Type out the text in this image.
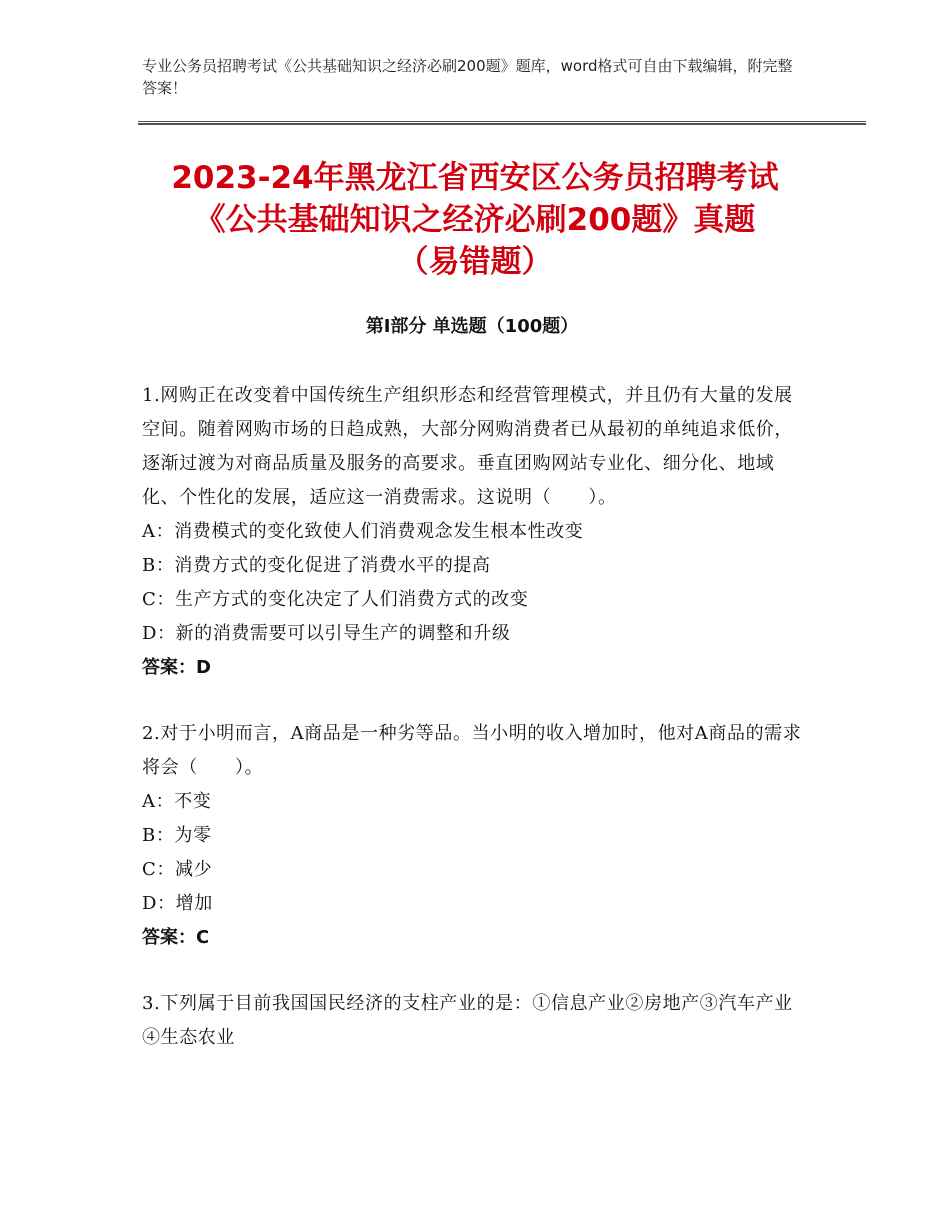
专业公务员招聘考试《公共基础知识之经济必刷200题》题库，word格式可自由下载编辑，附完整答案！
2023-24年黑龙江省西安区公务员招聘考试
《公共基础知识之经济必刷200题》真题
（易错题）
第Ⅰ部分 单选题（100题）

1.网购正在改变着中国传统生产组织形态和经营管理模式，并且仍有大量的发展空间。随着网购市场的日趋成熟，大部分网购消费者已从最初的单纯追求低价，逐渐过渡为对商品质量及服务的高要求。垂直团购网站专业化、细分化、地域化、个性化的发展，适应这一消费需求。这说明（　　）。

A：消费模式的变化致使人们消费观念发生根本性改变

B：消费方式的变化促进了消费水平的提高

C：生产方式的变化决定了人们消费方式的改变

D：新的消费需要可以引导生产的调整和升级

答案：D

2.对于小明而言，A商品是一种劣等品。当小明的收入增加时，他对A商品的需求将会（　　）。

A：不变

B：为零

C：减少

D：增加

答案：C

3.下列属于目前我国国民经济的支柱产业的是：①信息产业②房地产③汽车产业④生态农业
